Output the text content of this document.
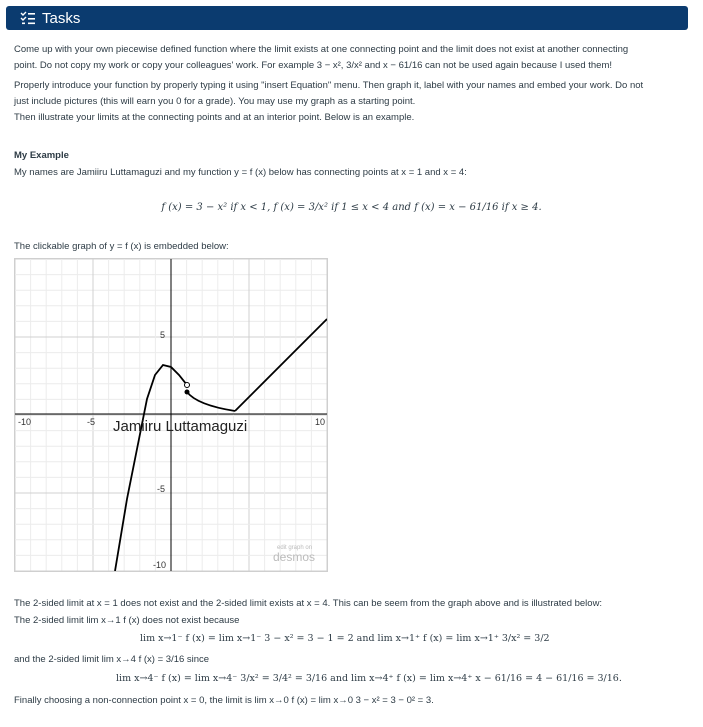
Tasks
Come up with your own piecewise defined function where the limit exists at one connecting point and the limit does not exist at another connecting
point. Do not copy my work or copy your colleagues' work. For example 3 − x², 3/x² and x − 61/16 can not be used again because I used them!
Properly introduce your function by properly typing it using "insert Equation" menu. Then graph it, label with your names and embed your work. Do not
just include pictures (this will earn you 0 for a grade). You may use my graph as a starting point.
Then illustrate your limits at the connecting points and at an interior point. Below is an example.
My Example
My names are Jamiiru Luttamaguzi and my function y = f (x) below has connecting points at x = 1 and x = 4:
f (x) = 3 − x² if x < 1, f (x) = 3/x² if 1 ≤ x < 4 and f (x) = x − 61/16 if x ≥ 4.
The clickable graph of y = f (x) is embedded below:
-10	-5	10
5
-5
-10
Jamiiru Luttamaguzi
edit graph on
desmos
The 2-sided limit at x = 1 does not exist and the 2-sided limit exists at x = 4. This can be seem from the graph above and is illustrated below:
The 2-sided limit lim x→1 f (x) does not exist because
lim x→1⁻ f (x) = lim x→1⁻ 3 − x² = 3 − 1 = 2 and lim x→1⁺ f (x) = lim x→1⁺ 3/x² = 3/2
and the 2-sided limit lim x→4 f (x) = 3/16 since
lim x→4⁻ f (x) = lim x→4⁻ 3/x² = 3/4² = 3/16 and lim x→4⁺ f (x) = lim x→4⁺ x − 61/16 = 4 − 61/16 = 3/16.
Finally choosing a non-connection point x = 0, the limit is lim x→0 f (x) = lim x→0 3 − x² = 3 − 0² = 3.
